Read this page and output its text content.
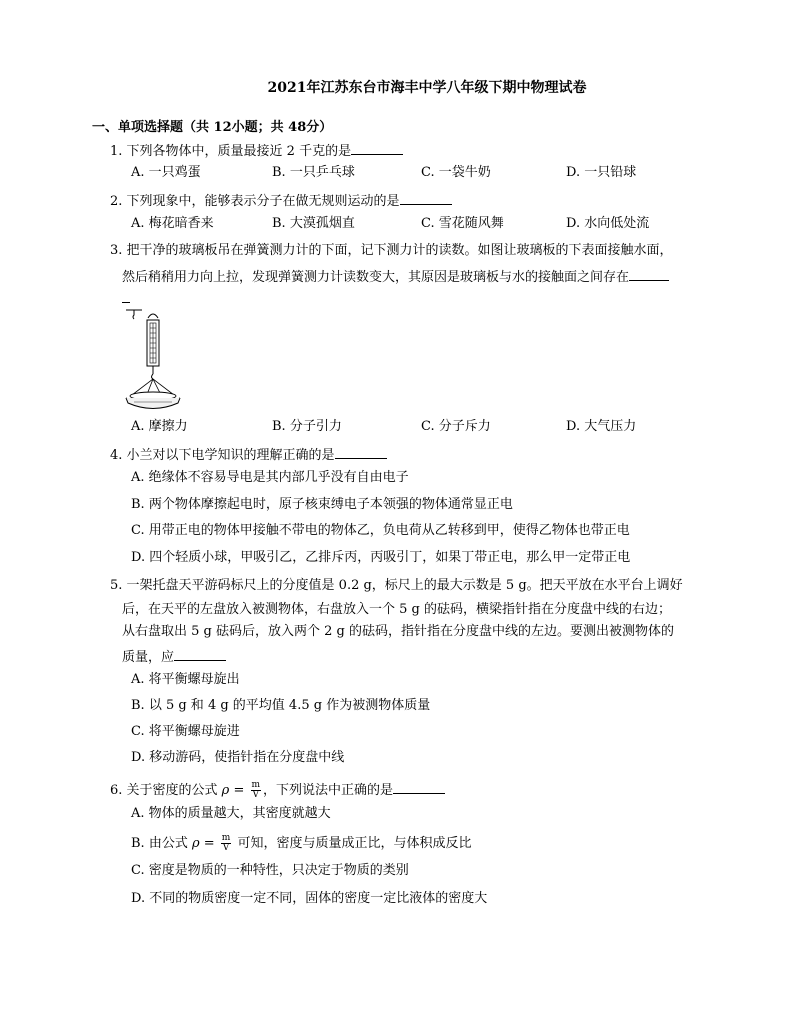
2021年江苏东台市海丰中学八年级下期中物理试卷
一、单项选择题（共 12小题；共 48分）
1. 下列各物体中，质量最接近 2 千克的是
A. 一只鸡蛋	B. 一只乒乓球	C. 一袋牛奶	D. 一只铅球
2. 下列现象中，能够表示分子在做无规则运动的是
A. 梅花暗香来	B. 大漠孤烟直	C. 雪花随风舞	D. 水向低处流
3. 把干净的玻璃板吊在弹簧测力计的下面，记下测力计的读数。如图让玻璃板的下表面接触水面，
然后稍稍用力向上拉，发现弹簧测力计读数变大，其原因是玻璃板与水的接触面之间存在
A. 摩擦力	B. 分子引力	C. 分子斥力	D. 大气压力
4. 小兰对以下电学知识的理解正确的是
A. 绝缘体不容易导电是其内部几乎没有自由电子
B. 两个物体摩擦起电时，原子核束缚电子本领强的物体通常显正电
C. 用带正电的物体甲接触不带电的物体乙，负电荷从乙转移到甲，使得乙物体也带正电
D. 四个轻质小球，甲吸引乙，乙排斥丙，丙吸引丁，如果丁带正电，那么甲一定带正电
5. 一架托盘天平游码标尺上的分度值是 0.2 g，标尺上的最大示数是 5 g。把天平放在水平台上调好
后，在天平的左盘放入被测物体，右盘放入一个 5 g 的砝码，横梁指针指在分度盘中线的右边；
从右盘取出 5 g 砝码后，放入两个 2 g 的砝码，指针指在分度盘中线的左边。要测出被测物体的
质量，应
A. 将平衡螺母旋出
B. 以 5 g 和 4 g 的平均值 4.5 g 作为被测物体质量
C. 将平衡螺母旋进
D. 移动游码，使指针指在分度盘中线
6. 关于密度的公式 $\rho = \frac{m}{V}$ ，下列说法中正确的是
A. 物体的质量越大，其密度就越大
B. 由公式 $\rho = \frac{m}{V}$ 可知，密度与质量成正比，与体积成反比
C. 密度是物质的一种特性，只决定于物质的类别
D. 不同的物质密度一定不同，固体的密度一定比液体的密度大
